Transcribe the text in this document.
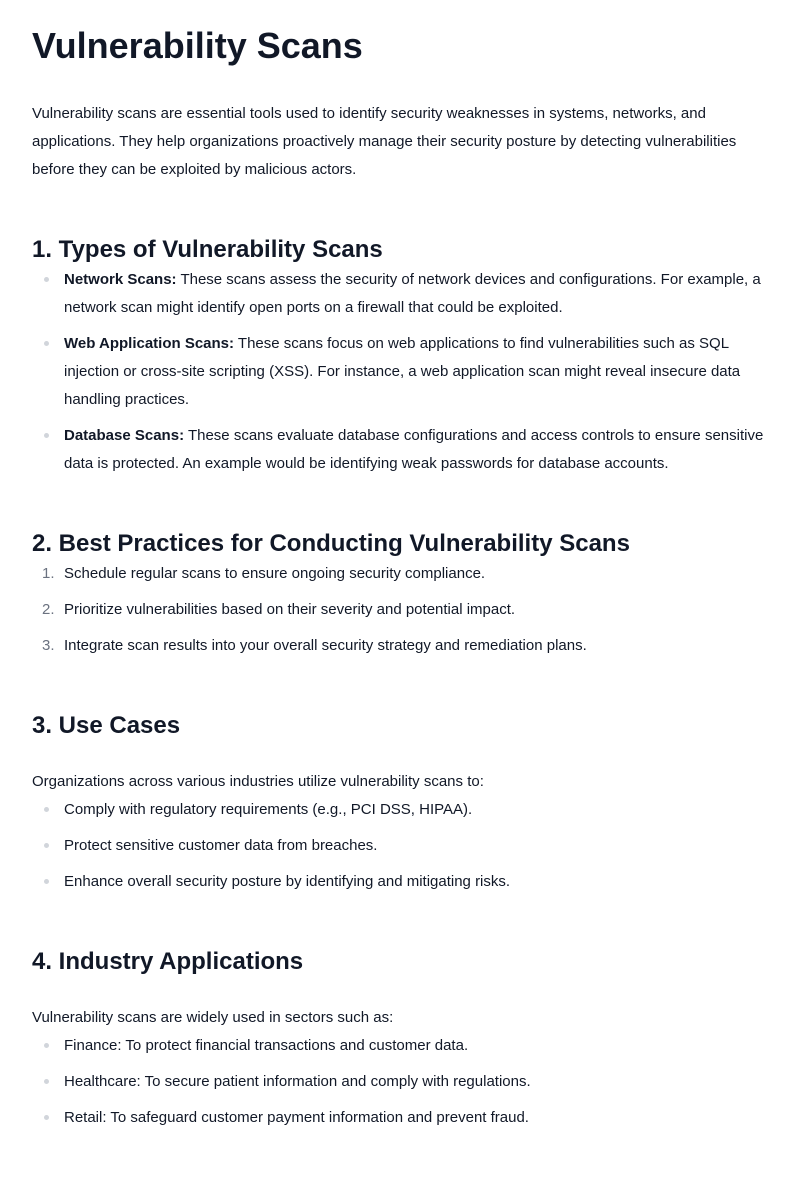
Vulnerability Scans

Vulnerability scans are essential tools used to identify security weaknesses in systems, networks, and applications. They help organizations proactively manage their security posture by detecting vulnerabilities before they can be exploited by malicious actors.

1. Types of Vulnerability Scans
Network Scans: These scans assess the security of network devices and configurations. For example, a network scan might identify open ports on a firewall that could be exploited.
Web Application Scans: These scans focus on web applications to find vulnerabilities such as SQL injection or cross-site scripting (XSS). For instance, a web application scan might reveal insecure data handling practices.
Database Scans: These scans evaluate database configurations and access controls to ensure sensitive data is protected. An example would be identifying weak passwords for database accounts.
2. Best Practices for Conducting Vulnerability Scans
1. Schedule regular scans to ensure ongoing security compliance.
2. Prioritize vulnerabilities based on their severity and potential impact.
3. Integrate scan results into your overall security strategy and remediation plans.
3. Use Cases

Organizations across various industries utilize vulnerability scans to:

Comply with regulatory requirements (e.g., PCI DSS, HIPAA).
Protect sensitive customer data from breaches.
Enhance overall security posture by identifying and mitigating risks.
4. Industry Applications

Vulnerability scans are widely used in sectors such as:

Finance: To protect financial transactions and customer data.
Healthcare: To secure patient information and comply with regulations.
Retail: To safeguard customer payment information and prevent fraud.
